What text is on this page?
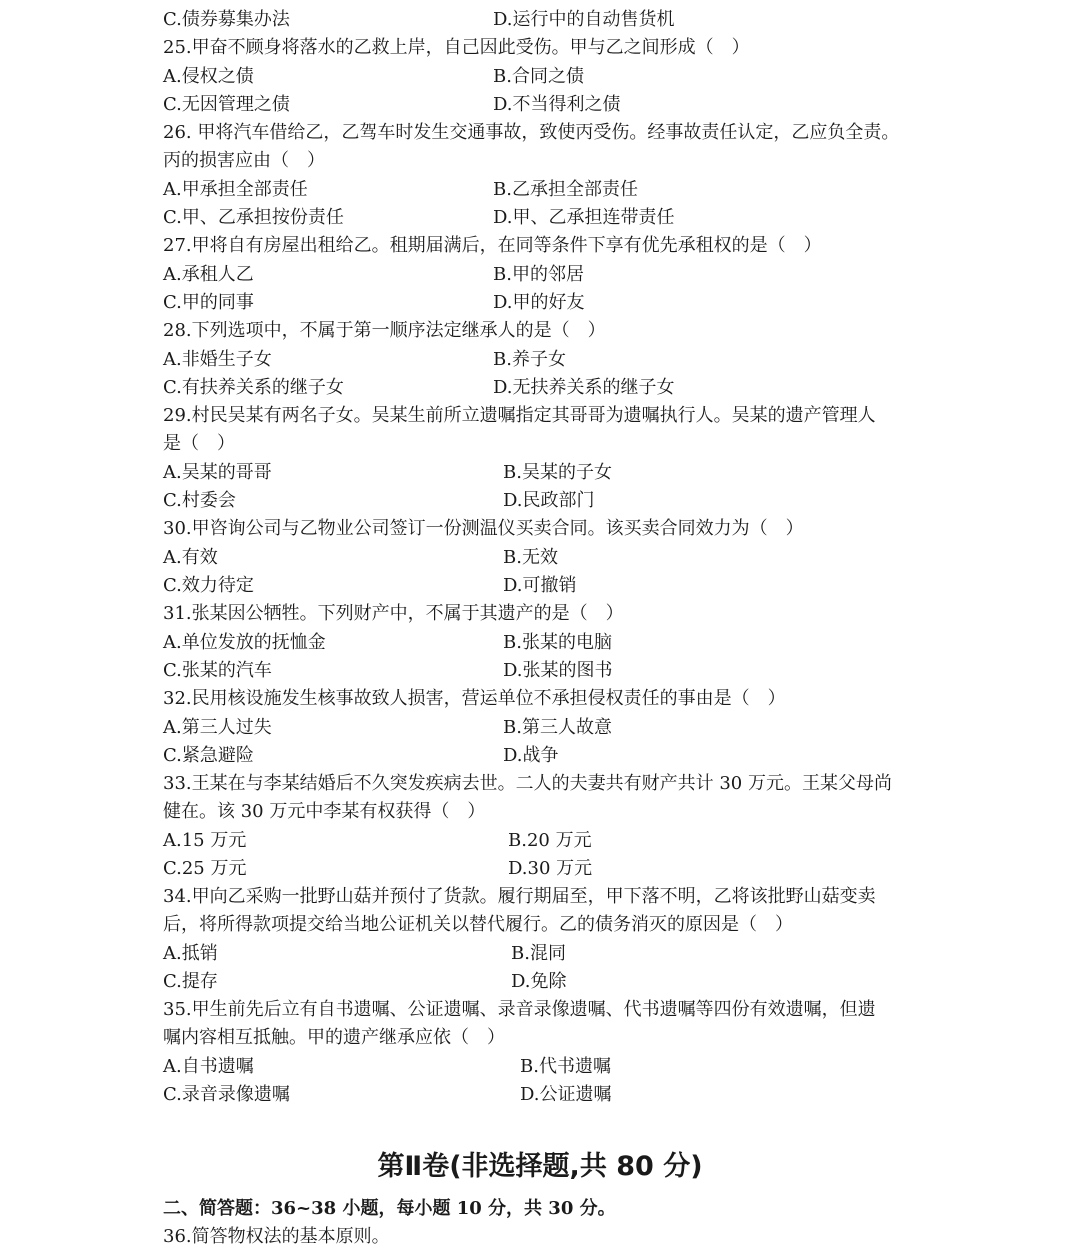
C.债券募集办法	D.运行中的自动售货机
25.甲奋不顾身将落水的乙救上岸，自己因此受伤。甲与乙之间形成（　）
A.侵权之债	B.合同之债
C.无因管理之债	D.不当得利之债
26. 甲将汽车借给乙，乙驾车时发生交通事故，致使丙受伤。经事故责任认定，乙应负全责。
丙的损害应由（　）
A.甲承担全部责任	B.乙承担全部责任
C.甲、乙承担按份责任	D.甲、乙承担连带责任
27.甲将自有房屋出租给乙。租期届满后，在同等条件下享有优先承租权的是（　）
A.承租人乙	B.甲的邻居
C.甲的同事	D.甲的好友
28.下列选项中，不属于第一顺序法定继承人的是（　）
A.非婚生子女	B.养子女
C.有扶养关系的继子女	D.无扶养关系的继子女
29.村民吴某有两名子女。吴某生前所立遗嘱指定其哥哥为遗嘱执行人。吴某的遗产管理人
是（　）
A.吴某的哥哥	B.吴某的子女
C.村委会	D.民政部门
30.甲咨询公司与乙物业公司签订一份测温仪买卖合同。该买卖合同效力为（　）
A.有效	B.无效
C.效力待定	D.可撤销
31.张某因公牺牲。下列财产中，不属于其遗产的是（　）
A.单位发放的抚恤金	B.张某的电脑
C.张某的汽车	D.张某的图书
32.民用核设施发生核事故致人损害，营运单位不承担侵权责任的事由是（　）
A.第三人过失	B.第三人故意
C.紧急避险	D.战争
33.王某在与李某结婚后不久突发疾病去世。二人的夫妻共有财产共计 30 万元。王某父母尚
健在。该 30 万元中李某有权获得（　）
A.15 万元	B.20 万元
C.25 万元	D.30 万元
34.甲向乙采购一批野山菇并预付了货款。履行期届至，甲下落不明，乙将该批野山菇变卖
后，将所得款项提交给当地公证机关以替代履行。乙的债务消灭的原因是（　）
A.抵销	B.混同
C.提存	D.免除
35.甲生前先后立有自书遗嘱、公证遗嘱、录音录像遗嘱、代书遗嘱等四份有效遗嘱，但遗
嘱内容相互抵触。甲的遗产继承应依（　）
A.自书遗嘱	B.代书遗嘱
C.录音录像遗嘱	D.公证遗嘱
第Ⅱ卷(非选择题,共 80 分)
二、简答题：36~38 小题，每小题 10 分，共 30 分。
36.简答物权法的基本原则。
